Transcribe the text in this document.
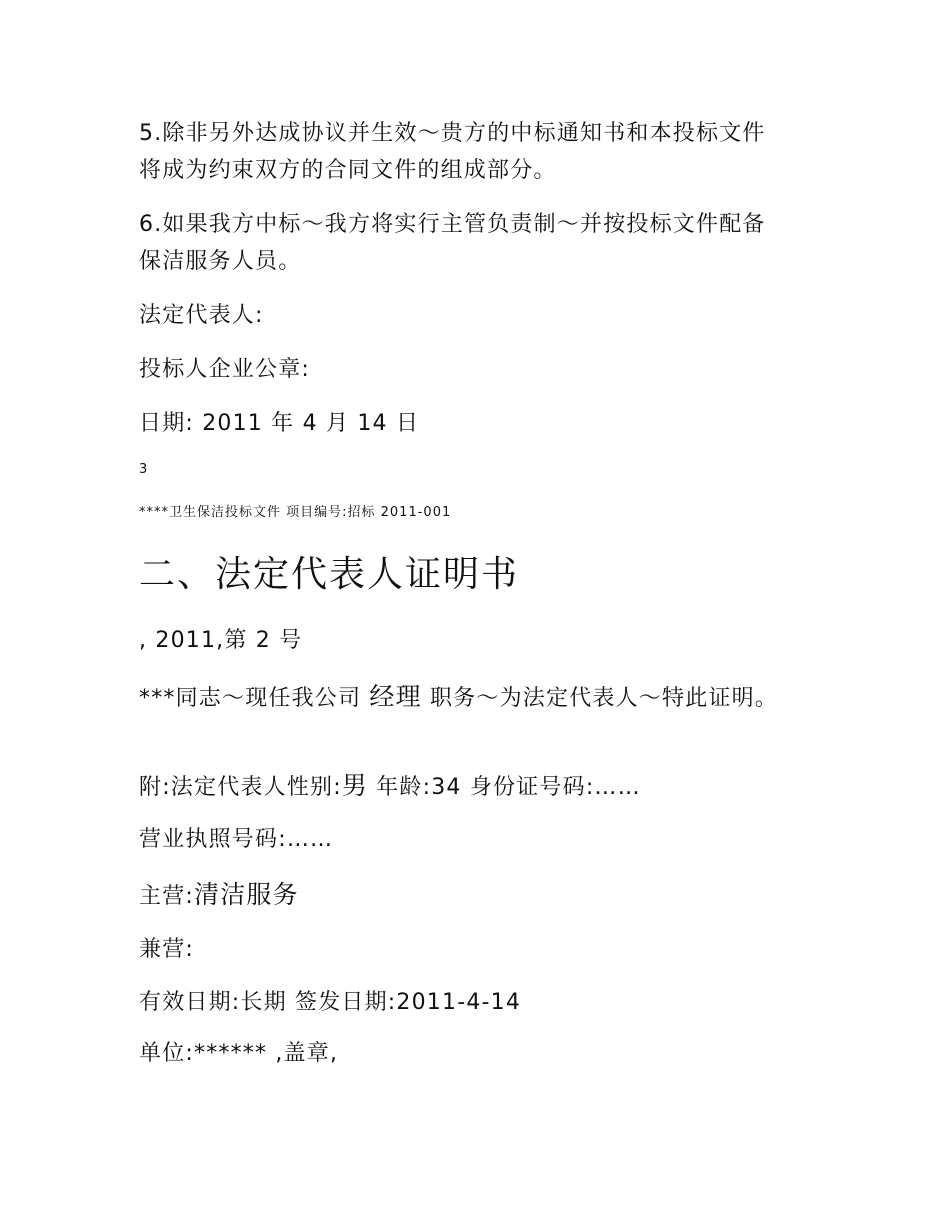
5.除非另外达成协议并生效～贵方的中标通知书和本投标文件

将成为约束双方的合同文件的组成部分。

6.如果我方中标～我方将实行主管负责制～并按投标文件配备

保洁服务人员。

法定代表人:

投标人企业公章:

日期: 2011 年 4 月 14 日

3

****卫生保洁投标文件 项目编号:招标 2011-001

二、法定代表人证明书

, 2011,第 2 号

***同志～现任我公司 经理 职务～为法定代表人～特此证明。

附:法定代表人性别:男 年龄:34 身份证号码:……

营业执照号码:……

主营:清洁服务

兼营:

有效日期:长期 签发日期:2011-4-14

单位:****** ,盖章,
